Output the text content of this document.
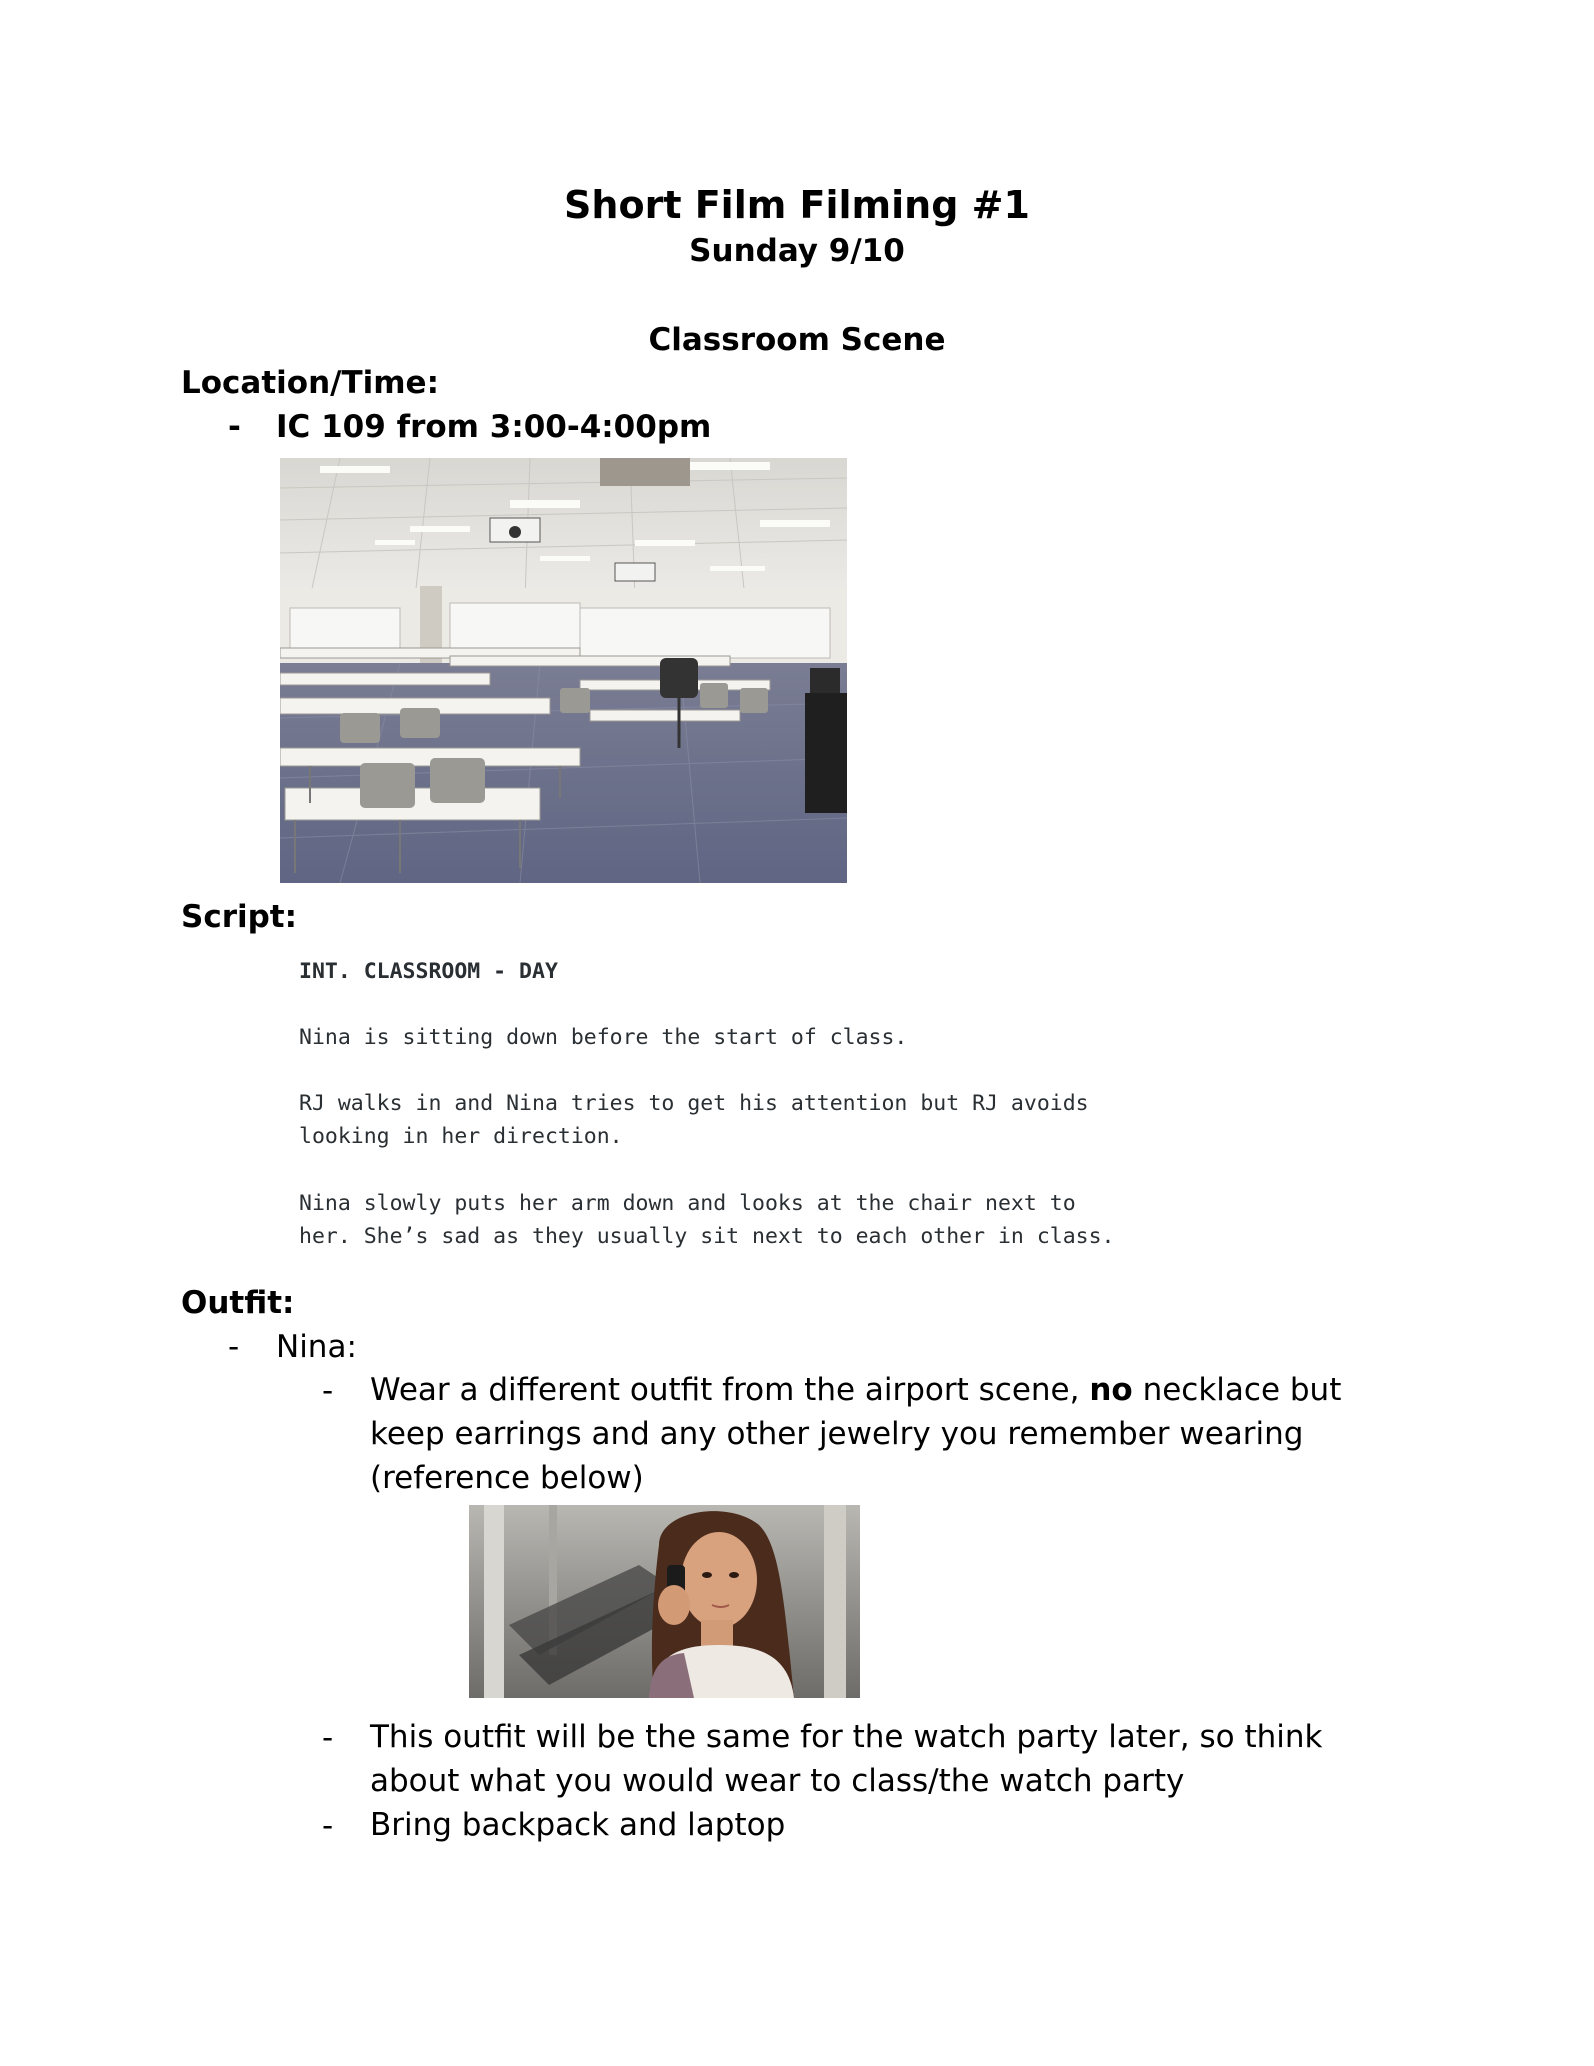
Short Film Filming #1
Sunday 9/10
Classroom Scene
Location/Time:
- IC 109 from 3:00-4:00pm
Script:
INT. CLASSROOM - DAY
Nina is sitting down before the start of class.
RJ walks in and Nina tries to get his attention but RJ avoids
looking in her direction.
Nina slowly puts her arm down and looks at the chair next to
her. She’s sad as they usually sit next to each other in class.
Outfit:
- Nina:
- Wear a different outfit from the airport scene, no necklace but
keep earrings and any other jewelry you remember wearing
(reference below)
- This outfit will be the same for the watch party later, so think
about what you would wear to class/the watch party
- Bring backpack and laptop
